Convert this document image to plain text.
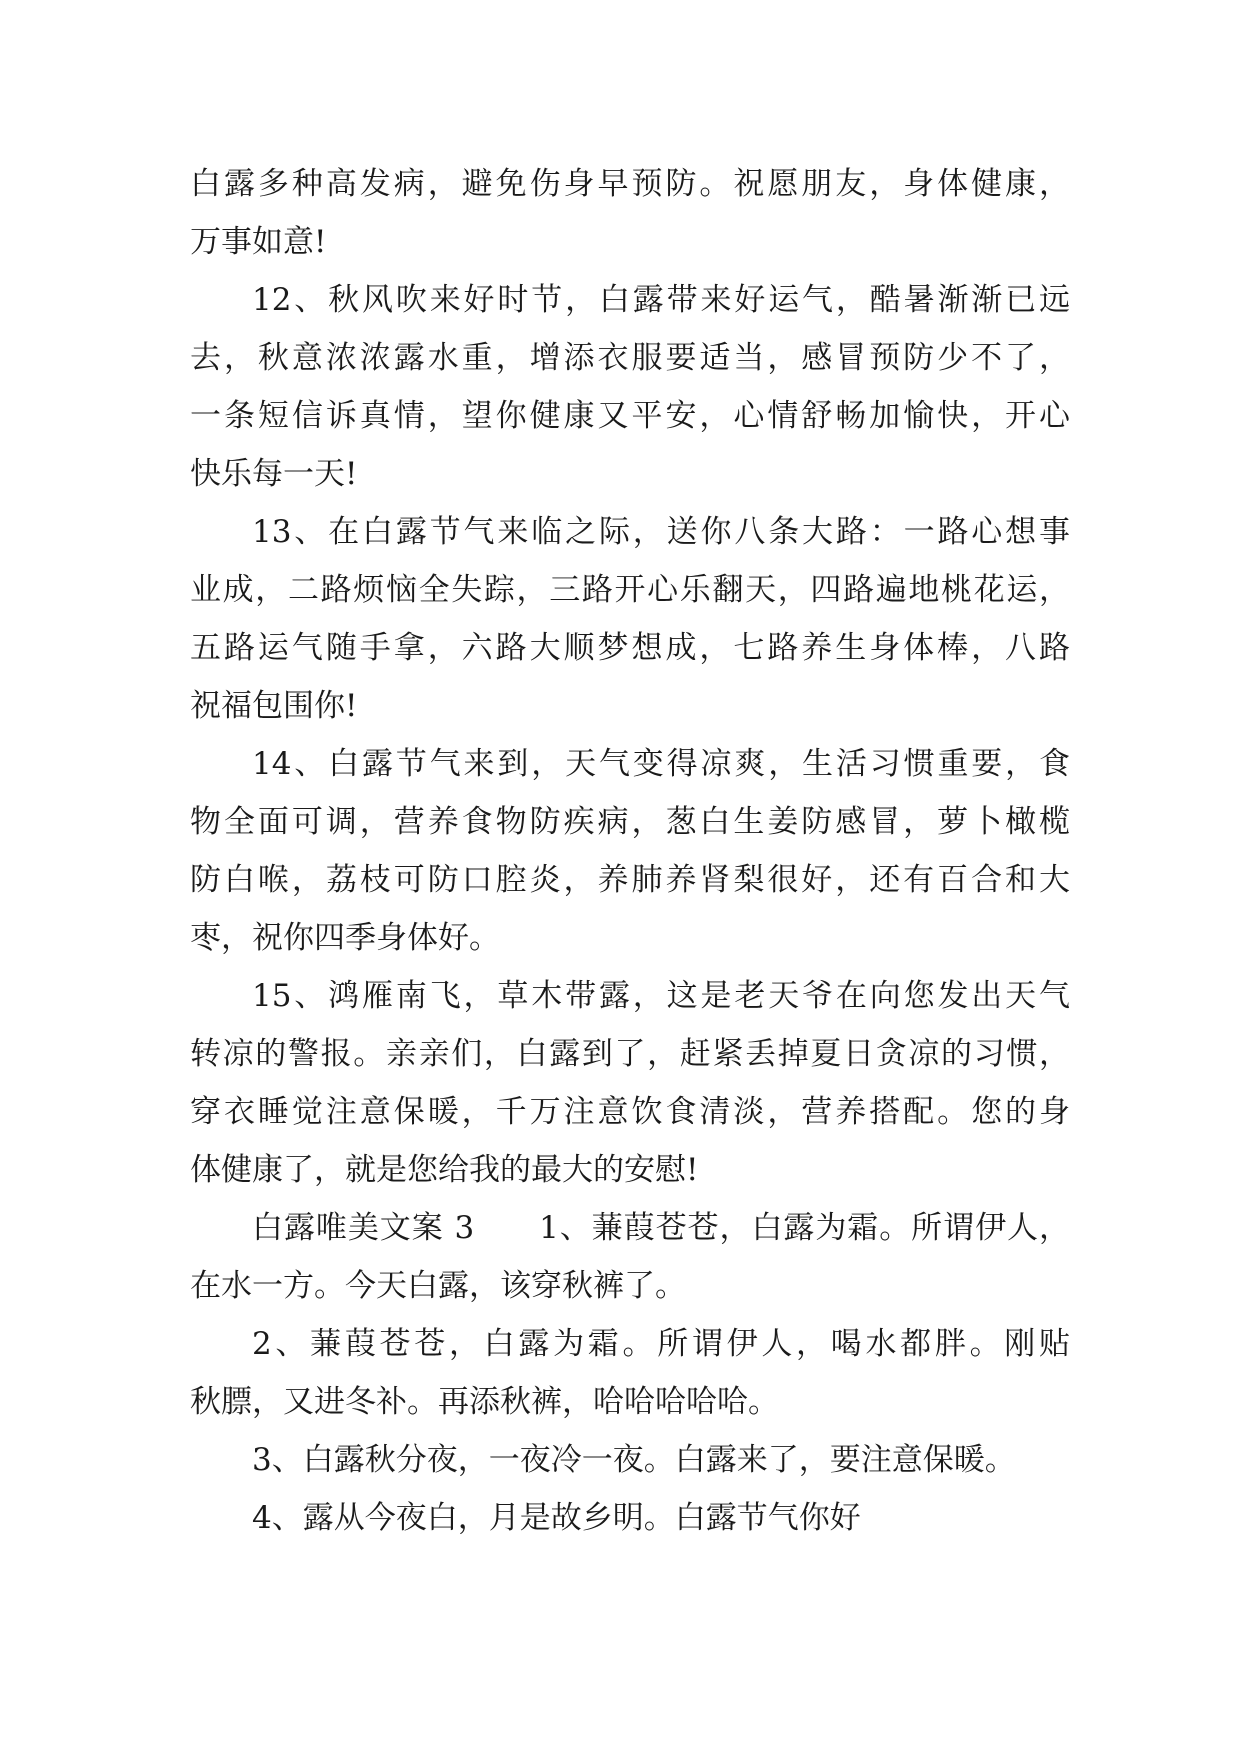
白露多种高发病，避免伤身早预防。祝愿朋友，身体健康，
万事如意!
12、秋风吹来好时节，白露带来好运气，酷暑渐渐已远
去，秋意浓浓露水重，增添衣服要适当，感冒预防少不了，
一条短信诉真情，望你健康又平安，心情舒畅加愉快，开心
快乐每一天!
13、在白露节气来临之际，送你八条大路：一路心想事
业成，二路烦恼全失踪，三路开心乐翻天，四路遍地桃花运，
五路运气随手拿，六路大顺梦想成，七路养生身体棒，八路
祝福包围你!
14、白露节气来到，天气变得凉爽，生活习惯重要，食
物全面可调，营养食物防疾病，葱白生姜防感冒，萝卜橄榄
防白喉，荔枝可防口腔炎，养肺养肾梨很好，还有百合和大
枣，祝你四季身体好。
15、鸿雁南飞，草木带露，这是老天爷在向您发出天气
转凉的警报。亲亲们，白露到了，赶紧丢掉夏日贪凉的习惯，
穿衣睡觉注意保暖，千万注意饮食清淡，营养搭配。您的身
体健康了，就是您给我的最大的安慰!
白露唯美文案 3　　1、蒹葭苍苍，白露为霜。所谓伊人，
在水一方。今天白露，该穿秋裤了。
2、蒹葭苍苍，白露为霜。所谓伊人，喝水都胖。刚贴
秋膘，又进冬补。再添秋裤，哈哈哈哈哈。
3、白露秋分夜，一夜冷一夜。白露来了，要注意保暖。
4、露从今夜白，月是故乡明。白露节气你好
